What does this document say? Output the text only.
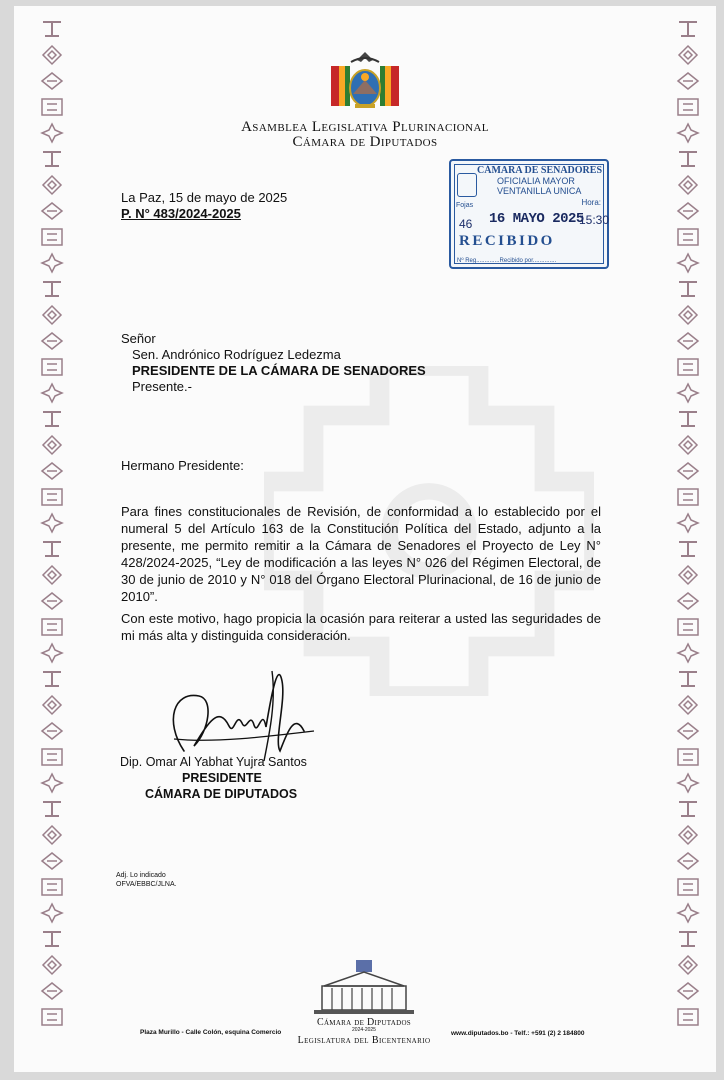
Asamblea Legislativa Plurinacional
Cámara de Diputados
La Paz, 15 de mayo de 2025
P. N° 483/2024-2025
CÁMARA DE SENADORES
OFICIALIA MAYOR
VENTANILLA UNICA
Hora:
Fojas
46 16 MAYO 2025
15:30
RECIBIDO
Nº Reg..............Recibido por..............
Señor
Sen. Andrónico Rodríguez Ledezma
PRESIDENTE DE LA CÁMARA DE SENADORES
Presente.-
Hermano Presidente:
Para fines constitucionales de Revisión, de conformidad a lo establecido por el numeral 5 del Artículo 163 de la Constitución Política del Estado, adjunto a la presente, me permito remitir a la Cámara de Senadores el Proyecto de Ley N° 428/2024-2025, “Ley de modificación a las leyes N° 026 del Régimen Electoral, de 30 de junio de 2010 y N° 018 del Órgano Electoral Plurinacional, de 16 de junio de 2010”.
Con este motivo, hago propicia la ocasión para reiterar a usted las seguridades de mi más alta y distinguida consideración.
Dip. Omar Al Yabhat Yujra Santos
PRESIDENTE
CÁMARA DE DIPUTADOS
Adj. Lo indicado
OFVA/EBBC/JLNA.
Plaza Murillo - Calle Colón, esquina Comercio	www.diputados.bo - Telf.: +591 (2) 2 184800
Cámara de Diputados
2024-2025
Legislatura del Bicentenario
